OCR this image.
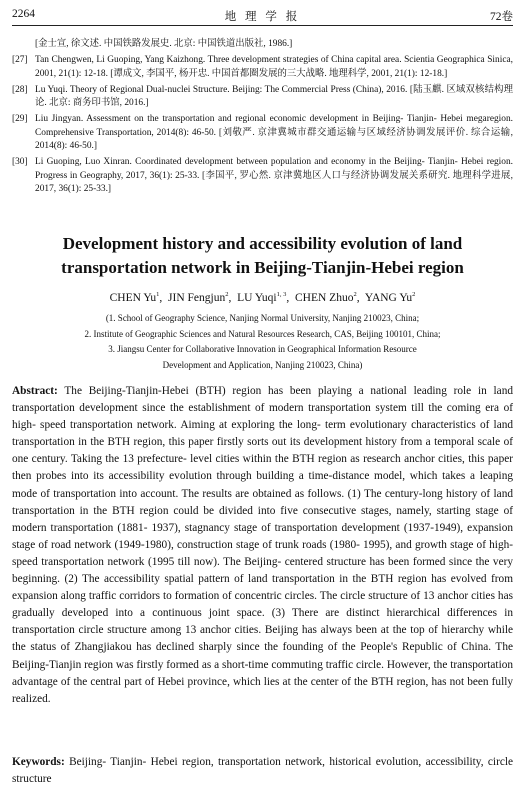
2264	地 理 学 报	72卷
[金士宣, 徐文述. 中国铁路发展史. 北京: 中国铁道出版社, 1986.]
[27] Tan Chengwen, Li Guoping, Yang Kaizhong. Three development strategies of China capital area. Scientia Geographica Sinica, 2001, 21(1): 12-18. [谭成文, 李国平, 杨开忠. 中国首都圈发展的三大战略. 地理科学, 2001, 21(1): 12-18.]
[28] Lu Yuqi. Theory of Regional Dual-nuclei Structure. Beijing: The Commercial Press (China), 2016. [陆玉麒. 区域双核结构理论. 北京: 商务印书馆, 2016.]
[29] Liu Jingyan. Assessment on the transportation and regional economic development in Beijing- Tianjin- Hebei megaregion. Comprehensive Transportation, 2014(8): 46-50. [刘敬严. 京津冀城市群交通运输与区域经济协调发展评价. 综合运输, 2014(8): 46-50.]
[30] Li Guoping, Luo Xinran. Coordinated development between population and economy in the Beijing- Tianjin- Hebei region. Progress in Geography, 2017, 36(1): 25-33. [李国平, 罗心然. 京津冀地区人口与经济协调发展关系研究. 地理科学进展, 2017, 36(1): 25-33.]
Development history and accessibility evolution of land transportation network in Beijing-Tianjin-Hebei region
CHEN Yu$^1$,  JIN Fengjun$^2$,  LU Yuqi$^{1, 3}$,  CHEN Zhuo$^2$,  YANG Yu$^2$
(1. School of Geography Science, Nanjing Normal University, Nanjing 210023, China;
2. Institute of Geographic Sciences and Natural Resources Research, CAS, Beijing 100101, China;
3. Jiangsu Center for Collaborative Innovation in Geographical Information Resource
Development and Application, Nanjing 210023, China)
Abstract: The Beijing-Tianjin-Hebei (BTH) region has been playing a national leading role in land transportation development since the establishment of modern transportation system till the coming era of high- speed transportation network. Aiming at exploring the long- term evolutionary characteristics of land transportation in the BTH region, this paper firstly sorts out its development history from a temporal scale of one century. Taking the 13 prefecture- level cities within the BTH region as research anchor cities, this paper then probes into its accessibility evolution through building a time-distance model, which takes a leaping mode of transportation into account. The results are obtained as follows. (1) The century-long history of land transportation in the BTH region could be divided into five consecutive stages, namely, starting stage of modern transportation (1881- 1937), stagnancy stage of transportation development (1937-1949), expansion stage of road network (1949-1980), construction stage of trunk roads (1980- 1995), and growth stage of high- speed transportation network (1995 till now). The Beijing- centered structure has been formed since the very beginning. (2) The accessibility spatial pattern of land transportation in the BTH region has evolved from expansion along traffic corridors to formation of concentric circles. The circle structure of 13 anchor cities has gradually developed into a continuous joint space. (3) There are distinct hierarchical differences in transportation circle structure among 13 anchor cities. Beijing has always been at the top of hierarchy while the status of Zhangjiakou has declined sharply since the founding of the People's Republic of China. The Beijing-Tianjin region was firstly formed as a short-time commuting traffic circle. However, the transportation advantage of the central part of Hebei province, which lies at the center of the BTH region, has not been fully realized.
Keywords: Beijing- Tianjin- Hebei region, transportation network, historical evolution, accessibility, circle structure
